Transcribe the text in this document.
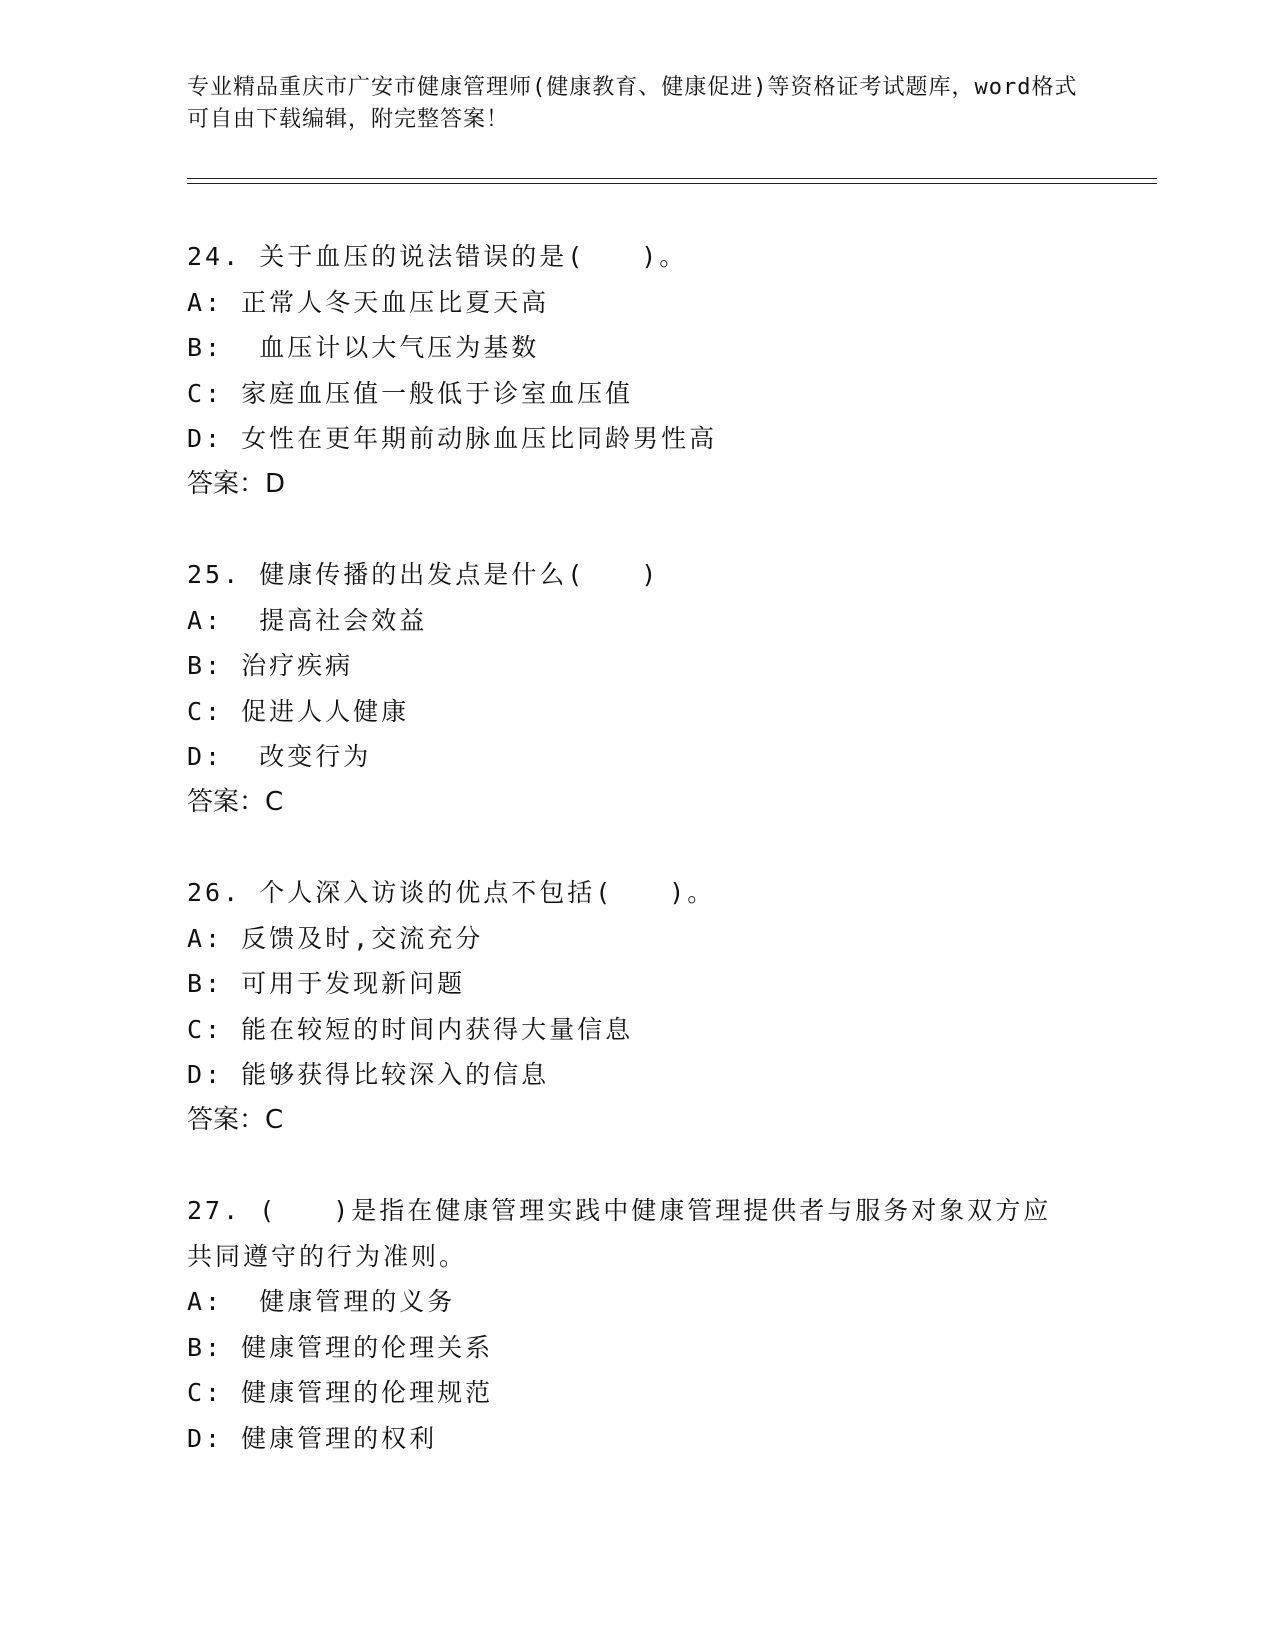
专业精品重庆市广安市健康管理师(健康教育、健康促进)等资格证考试题库，word格式可自由下载编辑，附完整答案！
24. 关于血压的说法错误的是(　　)。
A: 正常人冬天血压比夏天高
B:  血压计以大气压为基数
C: 家庭血压值一般低于诊室血压值
D: 女性在更年期前动脉血压比同龄男性高
答案：D
25. 健康传播的出发点是什么(　　)
A:  提高社会效益
B: 治疗疾病
C: 促进人人健康
D:  改变行为
答案：C
26. 个人深入访谈的优点不包括(　　)。
A: 反馈及时,交流充分
B: 可用于发现新问题
C: 能在较短的时间内获得大量信息
D: 能够获得比较深入的信息
答案：C
27. (　　)是指在健康管理实践中健康管理提供者与服务对象双方应共同遵守的行为准则。
A:  健康管理的义务
B: 健康管理的伦理关系
C: 健康管理的伦理规范
D: 健康管理的权利
